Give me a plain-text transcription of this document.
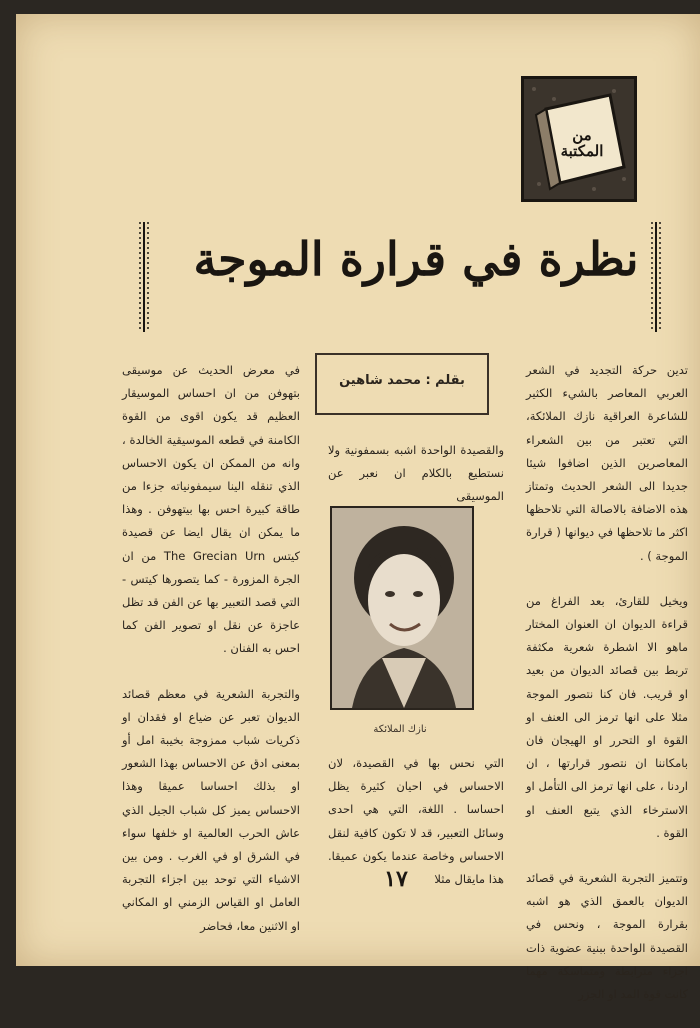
من المكتبة
نظرة في قرارة الموجة
بقلم : محمد شاهين

تدين حركة التجديد في الشعر العربي المعاصر بالشيء الكثير للشاعرة العراقية نازك الملائكة، التي تعتبر من بين الشعراء المعاصرين الذين اضافوا شيئا جديدا الى الشعر الحديث وتمتاز هذه الاضافة بالاصالة التي تلاحظها اكثر ما تلاحظها في ديوانها ( قرارة الموجة ) .

ويخيل للقارئ، بعد الفراغ من قراءة الديوان ان العنوان المختار ماهو الا اشطرة شعرية مكثفة تربط بين قصائد الديوان من بعيد او قريب. فان كنا نتصور الموجة مثلا على انها ترمز الى العنف او القوة او التحرر او الهيجان فان بامكاننا ان نتصور قرارتها ، ان اردنا ، على انها ترمز الى التأمل او الاسترخاء الذي يتبع العنف او القوة .

وتتميز التجربة الشعرية في قصائد الديوان بالعمق الذي هو اشبه بقرارة الموجة ، ونحس في القصيدة الواحدة ببنية عضوية ذات اجزاء مترابطة ومتماسكة مهما كانت قوة المد او الجزر

والقصيدة الواحدة اشبه بسمفونية ولا نستطيع بالكلام ان نعبر عن الموسيقى

نازك الملائكة

التي نحس بها في القصيدة، لان الاحساس في احيان كثيرة يظل احساسا . اللغة، التي هي احدى وسائل التعبير، قد لا تكون كافية لنقل الاحساس وخاصة عندما يكون عميقا. هذا مايقال مثلا

في معرض الحديث عن موسيقى بتهوفن من ان احساس الموسيقار العظيم قد يكون اقوى من القوة الكامنة في قطعه الموسيقية الخالدة ، وانه من الممكن ان يكون الاحساس الذي تنقله الينا سيمفونياته جزءا من طاقة كبيرة احس بها بيتهوفن . وهذا ما يمكن ان يقال ايضا عن قصيدة كيتس The Grecian Urn من ان الجرة المزورة - كما يتصورها كيتس - التي قصد التعبير بها عن الفن قد تظل عاجزة عن نقل او تصوير الفن كما احس به الفنان .

والتجربة الشعرية في معظم قصائد الديوان تعبر عن ضياع او فقدان او ذكريات شباب ممزوجة بخيبة امل أو بمعنى ادق عن الاحساس بهذا الشعور او بذلك احساسا عميقا وهذا الاحساس يميز كل شباب الجيل الذي عاش الحرب العالمية او خلفها سواء في الشرق او في الغرب . ومن بين الاشياء التي توحد بين اجزاء التجربة العامل او القياس الزمني او المكاني او الاثنين معا، فحاضر

١٧
